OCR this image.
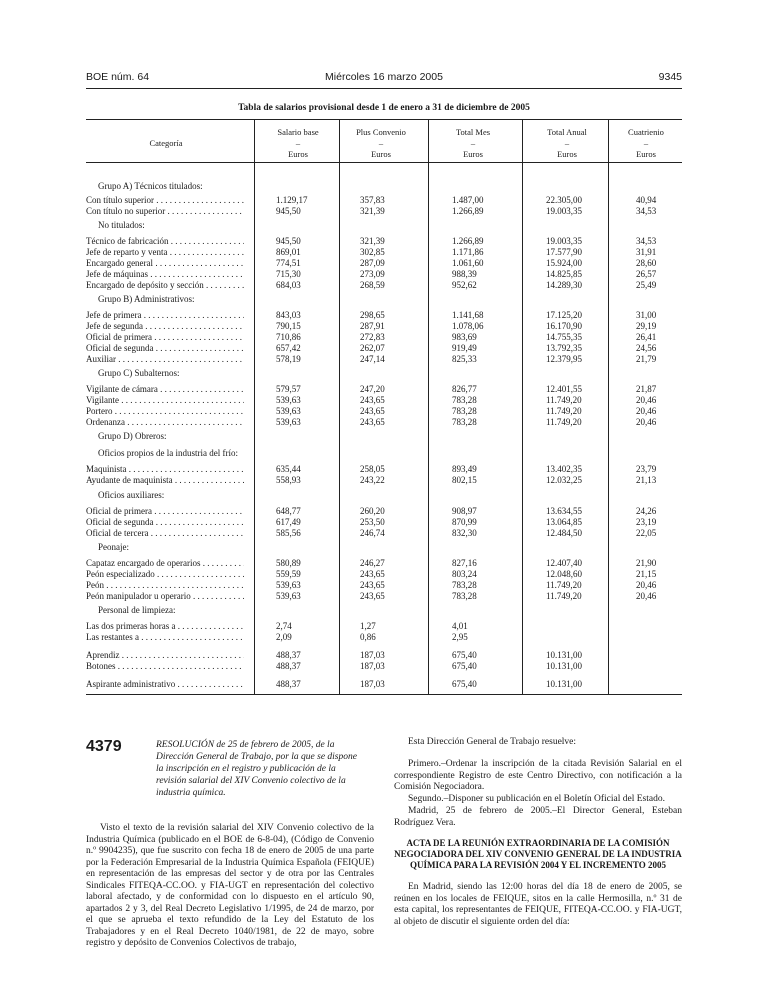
BOE núm. 64	Miércoles 16 marzo 2005	9345
Tabla de salarios provisional desde 1 de enero a 31 de diciembre de 2005
Categoría
Salario base
–
Euros
Plus Convenio
–
Euros
Total Mes
–
Euros
Total Anual
–
Euros
Cuatrienio
–
Euros
Grupo A) Técnicos titulados:
Con título superior . . .	1.129,17	357,83	1.487,00	22.305,00	40,94
Con título no superior . . .	945,50	321,39	1.266,89	19.003,35	34,53
No titulados:
Técnico de fabricación . . .	945,50	321,39	1.266,89	19.003,35	34,53
Jefe de reparto y venta . . .	869,01	302,85	1.171,86	17.577,90	31,91
Encargado general . . .	774,51	287,09	1.061,60	15.924,00	28,60
Jefe de máquinas . . .	715,30	273,09	988,39	14.825,85	26,57
Encargado de depósito y sección . . .	684,03	268,59	952,62	14.289,30	25,49
Grupo B) Administrativos:
Jefe de primera . . .	843,03	298,65	1.141,68	17.125,20	31,00
Jefe de segunda . . .	790,15	287,91	1.078,06	16.170,90	29,19
Oficial de primera . . .	710,86	272,83	983,69	14.755,35	26,41
Oficial de segunda . . .	657,42	262,07	919,49	13.792,35	24,56
Auxiliar . . .	578,19	247,14	825,33	12.379,95	21,79
Grupo C) Subalternos:
Vigilante de cámara . . .	579,57	247,20	826,77	12.401,55	21,87
Vigilante . . .	539,63	243,65	783,28	11.749,20	20,46
Portero . . .	539,63	243,65	783,28	11.749,20	20,46
Ordenanza . . .	539,63	243,65	783,28	11.749,20	20,46
Grupo D) Obreros:
Oficios propios de la industria del frío:
Maquinista . . .	635,44	258,05	893,49	13.402,35	23,79
Ayudante de maquinista . . .	558,93	243,22	802,15	12.032,25	21,13
Oficios auxiliares:
Oficial de primera . . .	648,77	260,20	908,97	13.634,55	24,26
Oficial de segunda . . .	617,49	253,50	870,99	13.064,85	23,19
Oficial de tercera . . .	585,56	246,74	832,30	12.484,50	22,05
Peonaje:
Capataz encargado de operarios . . .	580,89	246,27	827,16	12.407,40	21,90
Peón especializado . . .	559,59	243,65	803,24	12.048,60	21,15
Peón . . .	539,63	243,65	783,28	11.749,20	20,46
Peón manipulador u operario . . .	539,63	243,65	783,28	11.749,20	20,46
Personal de limpieza:
Las dos primeras horas a . . .	2,74	1,27	4,01
Las restantes a . . .	2,09	0,86	2,95
Aprendiz . . .	488,37	187,03	675,40	10.131,00
Botones . . .	488,37	187,03	675,40	10.131,00
Aspirante administrativo . . .	488,37	187,03	675,40	10.131,00
4379	RESOLUCIÓN de 25 de febrero de 2005, de la Dirección General de Trabajo, por la que se dispone la inscripción en el registro y publicación de la revisión salarial del XIV Convenio colectivo de la industria química.
Visto el texto de la revisión salarial del XIV Convenio colectivo de la Industria Química (publicado en el BOE de 6-8-04), (Código de Convenio n.º 9904235), que fue suscrito con fecha 18 de enero de 2005 de una parte por la Federación Empresarial de la Industria Química Española (FEIQUE) en representación de las empresas del sector y de otra por las Centrales Sindicales FITEQA-CC.OO. y FIA-UGT en representación del colectivo laboral afectado, y de conformidad con lo dispuesto en el artículo 90, apartados 2 y 3, del Real Decreto Legislativo 1/1995, de 24 de marzo, por el que se aprueba el texto refundido de la Ley del Estatuto de los Trabajadores y en el Real Decreto 1040/1981, de 22 de mayo, sobre registro y depósito de Convenios Colectivos de trabajo,
Esta Dirección General de Trabajo resuelve:
Primero.–Ordenar la inscripción de la citada Revisión Salarial en el correspondiente Registro de este Centro Directivo, con notificación a la Comisión Negociadora.
Segundo.–Disponer su publicación en el Boletín Oficial del Estado.
Madrid, 25 de febrero de 2005.–El Director General, Esteban Rodríguez Vera.
ACTA DE LA REUNIÓN EXTRAORDINARIA DE LA COMISIÓN NEGOCIADORA DEL XIV CONVENIO GENERAL DE LA INDUSTRIA QUÍMICA PARA LA REVISIÓN 2004 Y EL INCREMENTO 2005
En Madrid, siendo las 12:00 horas del día 18 de enero de 2005, se reúnen en los locales de FEIQUE, sitos en la calle Hermosilla, n.º 31 de esta capital, los representantes de FEIQUE, FITEQA-CC.OO. y FIA-UGT, al objeto de discutir el siguiente orden del día:
